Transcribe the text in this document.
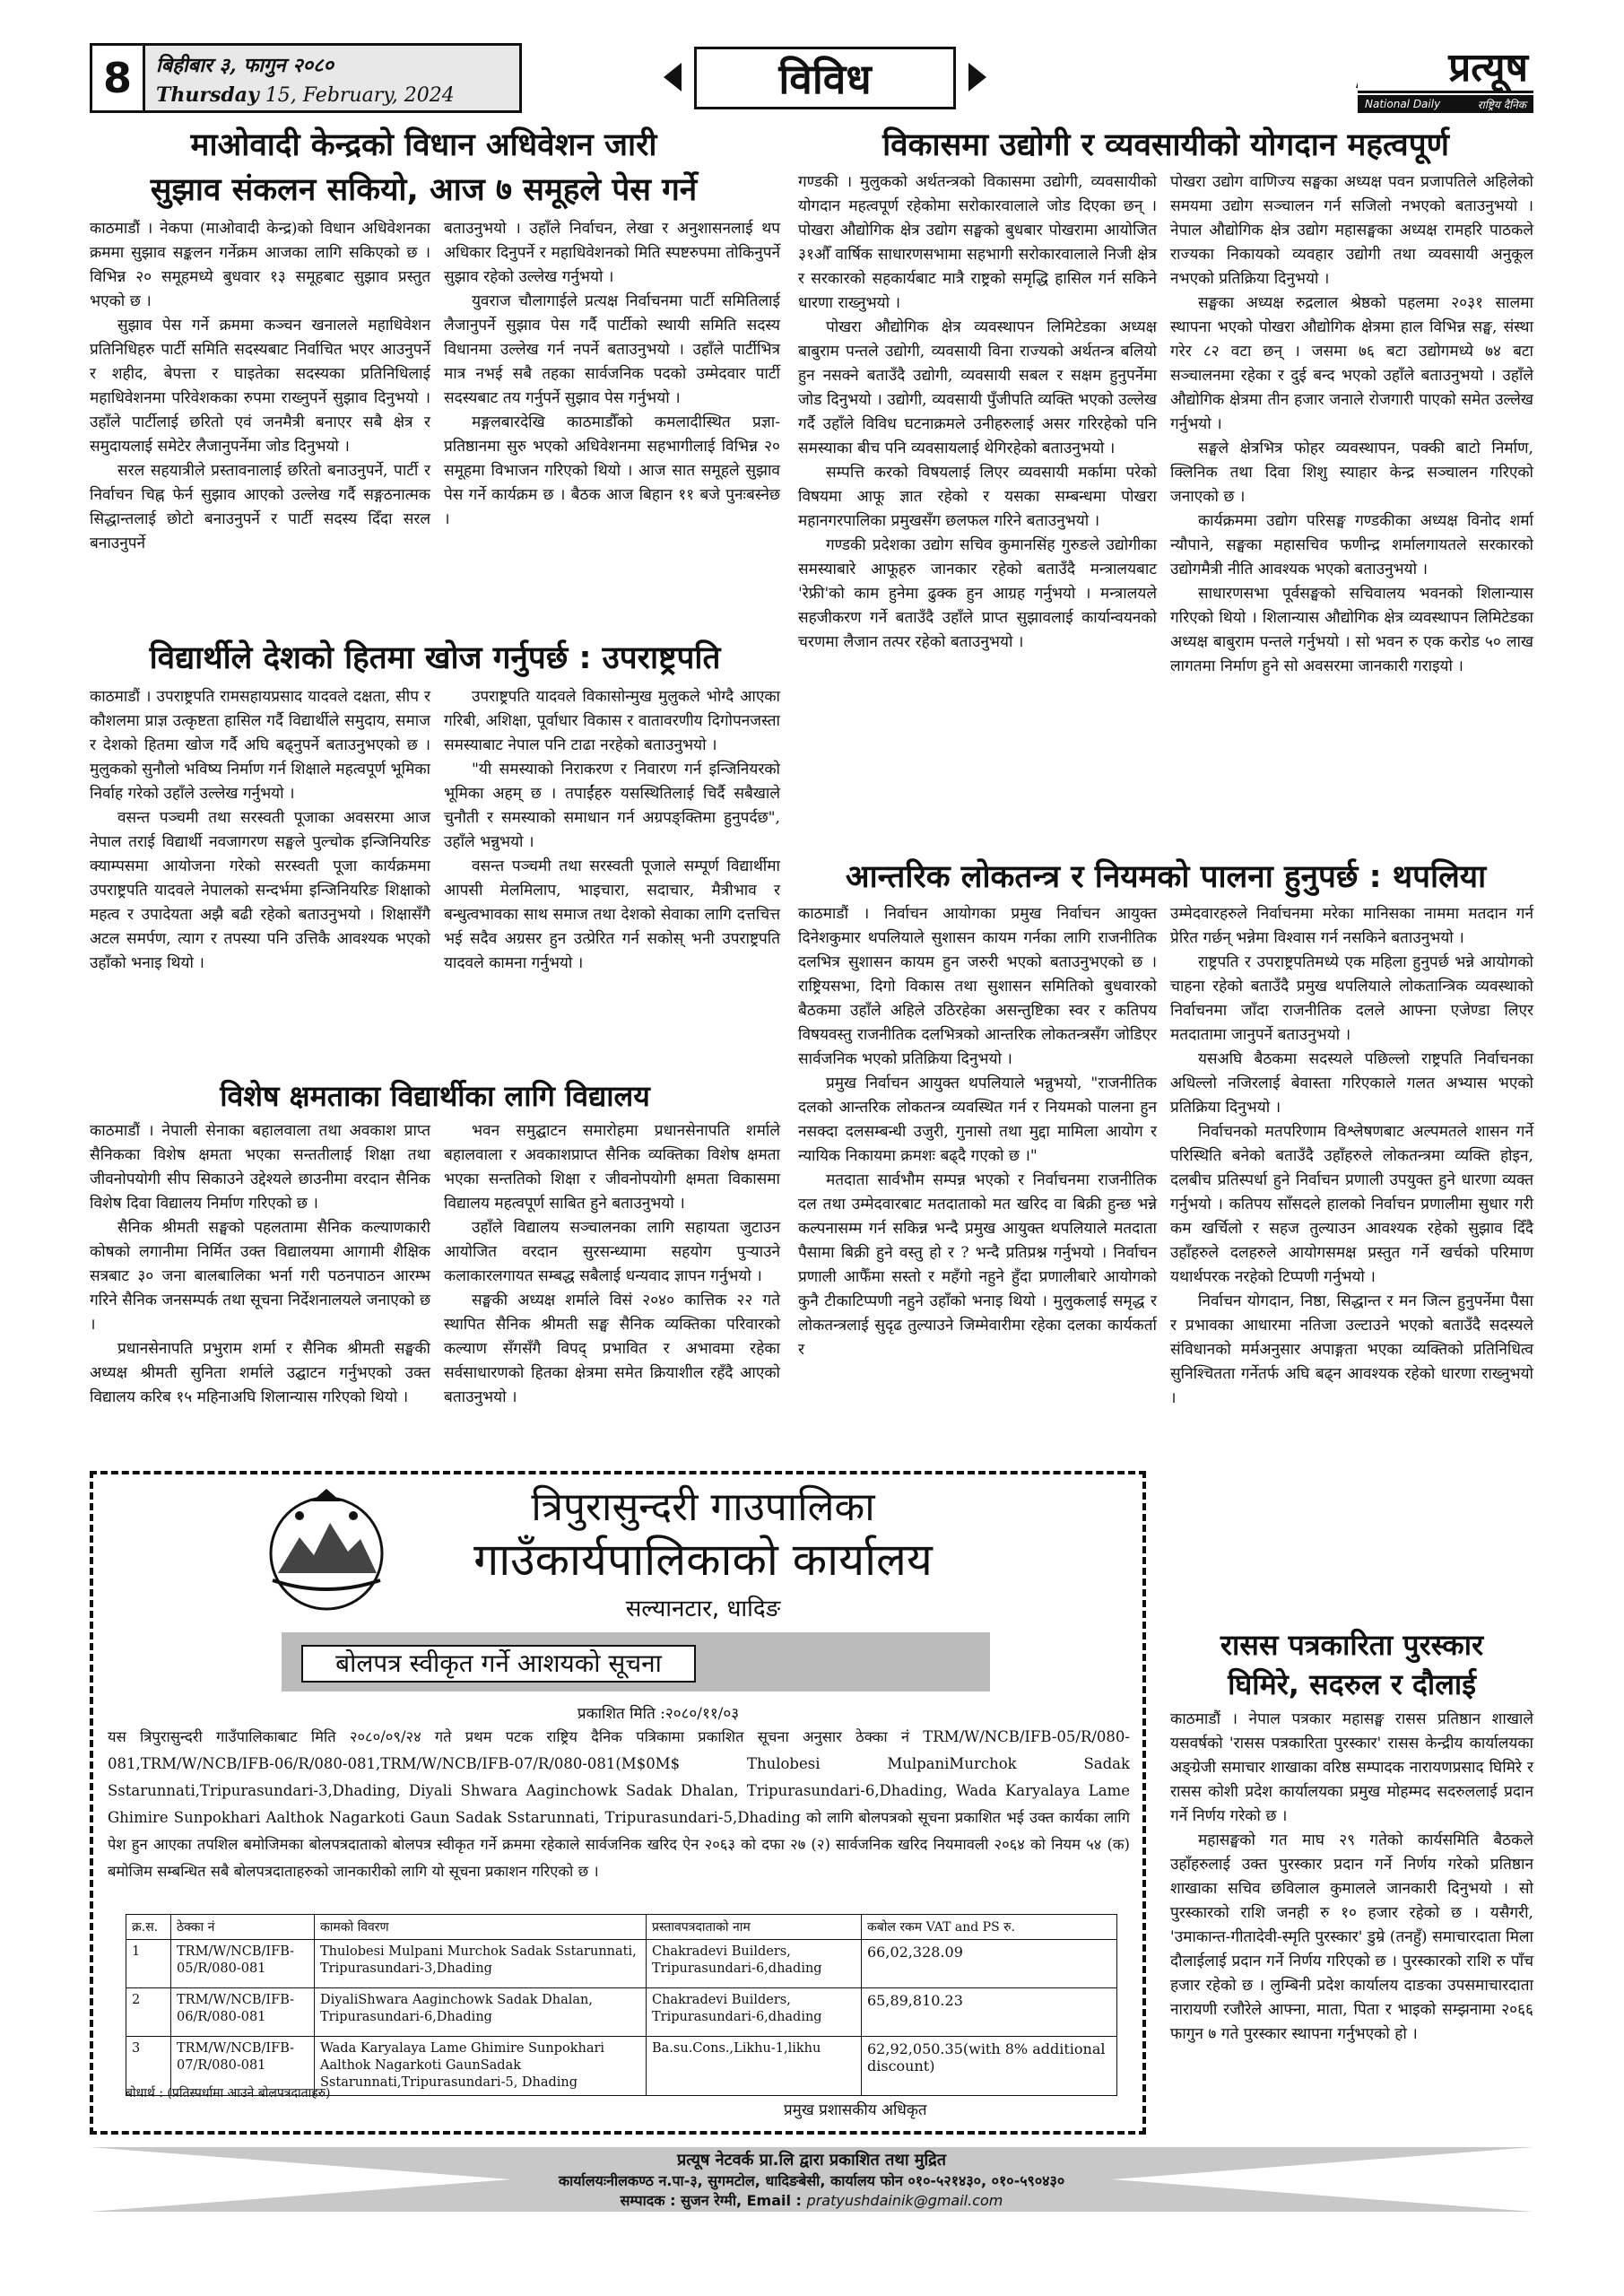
8	बिहीबार ३, फागुन २०८०
Thursday 15, February, 2024	विविध	प्रत्यूष
National Daily	राष्ट्रिय दैनिक
माओवादी केन्द्रको विधान अधिवेशन जारी
सुझाव संकलन सकियो, आज ७ समूहले पेस गर्ने

काठमाडौं । नेकपा (माओवादी केन्द्र)को विधान अधिवेशनका क्रममा सुझाव सङ्कलन गर्नेक्रम आजका लागि सकिएको छ । विभिन्न २० समूहमध्ये बुधवार १३ समूहबाट सुझाव प्रस्तुत भएको छ ।

सुझाव पेस गर्ने क्रममा कञ्चन खनालले महाधिवेशन प्रतिनिधिहरु पार्टी समिति सदस्यबाट निर्वाचित भएर आउनुपर्ने र शहीद, बेपत्ता र घाइतेका सदस्यका प्रतिनिधिलाई महाधिवेशनमा परिवेशकका रुपमा राख्नुपर्ने सुझाव दिनुभयो । उहाँले पार्टीलाई छरितो एवं जनमैत्री बनाएर सबै क्षेत्र र समुदायलाई समेटेर लैजानुपर्नेमा जोड दिनुभयो ।

सरल सहयात्रीले प्रस्तावनालाई छरितो बनाउनुपर्ने, पार्टी र निर्वाचन चिह्न फेर्न सुझाव आएको उल्लेख गर्दै सङ्गठनात्मक सिद्धान्तलाई छोटो बनाउनुपर्ने र पार्टी सदस्य दिँदा सरल बनाउनुपर्ने

बताउनुभयो । उहाँले निर्वाचन, लेखा र अनुशासनलाई थप अधिकार दिनुपर्ने र महाधिवेशनको मिति स्पष्टरुपमा तोकिनुपर्ने सुझाव रहेको उल्लेख गर्नुभयो ।

युवराज चौलागाईले प्रत्यक्ष निर्वाचनमा पार्टी समितिलाई लैजानुपर्ने सुझाव पेस गर्दै पार्टीको स्थायी समिति सदस्य विधानमा उल्लेख गर्न नपर्ने बताउनुभयो । उहाँले पार्टीभित्र मात्र नभई सबै तहका सार्वजनिक पदको उम्मेदवार पार्टी सदस्यबाट तय गर्नुपर्ने सुझाव पेस गर्नुभयो ।

मङ्गलबारदेखि काठमाडौँको कमलादीस्थित प्रज्ञा-प्रतिष्ठानमा सुरु भएको अधिवेशनमा सहभागीलाई विभिन्न २० समूहमा विभाजन गरिएको थियो । आज सात समूहले सुझाव पेस गर्ने कार्यक्रम छ । बैठक आज बिहान ११ बजे पुनःबस्नेछ ।

विद्यार्थीले देशको हितमा खोज गर्नुपर्छ : उपराष्ट्रपति

काठमाडौं । उपराष्ट्रपति रामसहायप्रसाद यादवले दक्षता, सीप र कौशलमा प्राज्ञ उत्कृष्टता हासिल गर्दै विद्यार्थीले समुदाय, समाज र देशको हितमा खोज गर्दै अघि बढ्नुपर्ने बताउनुभएको छ । मुलुकको सुनौलो भविष्य निर्माण गर्न शिक्षाले महत्वपूर्ण भूमिका निर्वाह गरेको उहाँले उल्लेख गर्नुभयो ।

वसन्त पञ्चमी तथा सरस्वती पूजाका अवसरमा आज नेपाल तराई विद्यार्थी नवजागरण सङ्घले पुल्चोक इन्जिनियरिङ क्याम्पसमा आयोजना गरेको सरस्वती पूजा कार्यक्रममा उपराष्ट्रपति यादवले नेपालको सन्दर्भमा इन्जिनियरिङ शिक्षाको महत्व र उपादेयता अझै बढी रहेको बताउनुभयो । शिक्षासँगै अटल समर्पण, त्याग र तपस्या पनि उत्तिकै आवश्यक भएको उहाँको भनाइ थियो ।

उपराष्ट्रपति यादवले विकासोन्मुख मुलुकले भोग्दै आएका गरिबी, अशिक्षा, पूर्वाधार विकास र वातावरणीय दिगोपनजस्ता समस्याबाट नेपाल पनि टाढा नरहेको बताउनुभयो ।

"यी समस्याको निराकरण र निवारण गर्न इन्जिनियरको भूमिका अहम् छ । तपाईंहरु यसस्थितिलाई चिर्दै सबैखाले चुनौती र समस्याको समाधान गर्न अग्रपङ्क्तिमा हुनुपर्दछ", उहाँले भन्नुभयो ।

वसन्त पञ्चमी तथा सरस्वती पूजाले सम्पूर्ण विद्यार्थीमा आपसी मेलमिलाप, भाइचारा, सदाचार, मैत्रीभाव र बन्धुत्वभावका साथ समाज तथा देशको सेवाका लागि दत्तचित्त भई सदैव अग्रसर हुन उत्प्रेरित गर्न सकोस् भनी उपराष्ट्रपति यादवले कामना गर्नुभयो ।

विशेष क्षमताका विद्यार्थीका लागि विद्यालय

काठमाडौं । नेपाली सेनाका बहालवाला तथा अवकाश प्राप्त सैनिकका विशेष क्षमता भएका सन्ततीलाई शिक्षा तथा जीवनोपयोगी सीप सिकाउने उद्देश्यले छाउनीमा वरदान सैनिक विशेष दिवा विद्यालय निर्माण गरिएको छ ।

सैनिक श्रीमती सङ्घको पहलतामा सैनिक कल्याणकारी कोषको लगानीमा निर्मित उक्त विद्यालयमा आगामी शैक्षिक सत्रबाट ३० जना बालबालिका भर्ना गरी पठनपाठन आरम्भ गरिने सैनिक जनसम्पर्क तथा सूचना निर्देशनालयले जनाएको छ ।

प्रधानसेनापति प्रभुराम शर्मा र सैनिक श्रीमती सङ्घकी अध्यक्ष श्रीमती सुनिता शर्माले उद्घाटन गर्नुभएको उक्त विद्यालय करिब १५ महिनाअघि शिलान्यास गरिएको थियो ।

भवन समुद्घाटन समारोहमा प्रधानसेनापति शर्माले बहालवाला र अवकाशप्राप्त सैनिक व्यक्तिका विशेष क्षमता भएका सन्ततिको शिक्षा र जीवनोपयोगी क्षमता विकासमा विद्यालय महत्वपूर्ण साबित हुने बताउनुभयो ।

उहाँले विद्यालय सञ्चालनका लागि सहायता जुटाउन आयोजित वरदान सुरसन्ध्यामा सहयोग पुऱ्याउने कलाकारलगायत सम्बद्ध सबैलाई धन्यवाद ज्ञापन गर्नुभयो ।

सङ्घकी अध्यक्ष शर्माले विसं २०४० कात्तिक २२ गते स्थापित सैनिक श्रीमती सङ्घ सैनिक व्यक्तिका परिवारको कल्याण सँगसँगै विपद् प्रभावित र अभावमा रहेका सर्वसाधारणको हितका क्षेत्रमा समेत क्रियाशील रहँदै आएको बताउनुभयो ।

विकासमा उद्योगी र व्यवसायीको योगदान महत्वपूर्ण

गण्डकी । मुलुकको अर्थतन्त्रको विकासमा उद्योगी, व्यवसायीको योगदान महत्वपूर्ण रहेकोमा सरोकारवालाले जोड दिएका छन् । पोखरा औद्योगिक क्षेत्र उद्योग सङ्घको बुधबार पोखरामा आयोजित ३१औँ वार्षिक साधारणसभामा सहभागी सरोकारवालाले निजी क्षेत्र र सरकारको सहकार्यबाट मात्रै राष्ट्रको समृद्धि हासिल गर्न सकिने धारणा राख्नुभयो ।

पोखरा औद्योगिक क्षेत्र व्यवस्थापन लिमिटेडका अध्यक्ष बाबुराम पन्तले उद्योगी, व्यवसायी विना राज्यको अर्थतन्त्र बलियो हुन नसक्ने बताउँदै उद्योगी, व्यवसायी सबल र सक्षम हुनुपर्नेमा जोड दिनुभयो । उद्योगी, व्यवसायी पुँजीपति व्यक्ति भएको उल्लेख गर्दै उहाँले विविध घटनाक्रमले उनीहरुलाई असर गरिरहेको पनि समस्याका बीच पनि व्यवसायलाई थेगिरहेको बताउनुभयो ।

सम्पत्ति करको विषयलाई लिएर व्यवसायी मर्कामा परेको विषयमा आफू ज्ञात रहेको र यसका सम्बन्धमा पोखरा महानगरपालिका प्रमुखसँग छलफल गरिने बताउनुभयो ।

गण्डकी प्रदेशका उद्योग सचिव कुमानसिंह गुरुङले उद्योगीका समस्याबारे आफूहरु जानकार रहेको बताउँदै मन्त्रालयबाट 'रेफ्री'को काम हुनेमा ढुक्क हुन आग्रह गर्नुभयो । मन्त्रालयले सहजीकरण गर्ने बताउँदै उहाँले प्राप्त सुझावलाई कार्यान्वयनको चरणमा लैजान तत्पर रहेको बताउनुभयो ।

पोखरा उद्योग वाणिज्य सङ्घका अध्यक्ष पवन प्रजापतिले अहिलेको समयमा उद्योग सञ्चालन गर्न सजिलो नभएको बताउनुभयो । नेपाल औद्योगिक क्षेत्र उद्योग महासङ्घका अध्यक्ष रामहरि पाठकले राज्यका निकायको व्यवहार उद्योगी तथा व्यवसायी अनुकूल नभएको प्रतिक्रिया दिनुभयो ।

सङ्घका अध्यक्ष रुद्रलाल श्रेष्ठको पहलमा २०३१ सालमा स्थापना भएको पोखरा औद्योगिक क्षेत्रमा हाल विभिन्न सङ्घ, संस्था गरेर ८२ वटा छन् । जसमा ७६ बटा उद्योगमध्ये ७४ बटा सञ्चालनमा रहेका र दुई बन्द भएको उहाँले बताउनुभयो । उहाँले औद्योगिक क्षेत्रमा तीन हजार जनाले रोजगारी पाएको समेत उल्लेख गर्नुभयो ।

सङ्घले क्षेत्रभित्र फोहर व्यवस्थापन, पक्की बाटो निर्माण, क्लिनिक तथा दिवा शिशु स्याहार केन्द्र सञ्चालन गरिएको जनाएको छ ।

कार्यक्रममा उद्योग परिसङ्घ गण्डकीका अध्यक्ष विनोद शर्मा न्यौपाने, सङ्घका महासचिव फणीन्द्र शर्मालगायतले सरकारको उद्योगमैत्री नीति आवश्यक भएको बताउनुभयो ।

साधारणसभा पूर्वसङ्घको सचिवालय भवनको शिलान्यास गरिएको थियो । शिलान्यास औद्योगिक क्षेत्र व्यवस्थापन लिमिटेडका अध्यक्ष बाबुराम पन्तले गर्नुभयो । सो भवन रु एक करोड ५० लाख लागतमा निर्माण हुने सो अवसरमा जानकारी गराइयो ।

आन्तरिक लोकतन्त्र र नियमको पालना हुनुपर्छ : थपलिया

काठमाडौं । निर्वाचन आयोगका प्रमुख निर्वाचन आयुक्त दिनेशकुमार थपलियाले सुशासन कायम गर्नका लागि राजनीतिक दलभित्र सुशासन कायम हुन जरुरी भएको बताउनुभएको छ । राष्ट्रियसभा, दिगो विकास तथा सुशासन समितिको बुधवारको बैठकमा उहाँले अहिले उठिरहेका असन्तुष्टिका स्वर र कतिपय विषयवस्तु राजनीतिक दलभित्रको आन्तरिक लोकतन्त्रसँग जोडिएर सार्वजनिक भएको प्रतिक्रिया दिनुभयो ।

प्रमुख निर्वाचन आयुक्त थपलियाले भन्नुभयो, "राजनीतिक दलको आन्तरिक लोकतन्त्र व्यवस्थित गर्न र नियमको पालना हुन नसक्दा दलसम्बन्धी उजुरी, गुनासो तथा मुद्दा मामिला आयोग र न्यायिक निकायमा क्रमशः बढ्दै गएको छ ।"

मतदाता सार्वभौम सम्पन्न भएको र निर्वाचनमा राजनीतिक दल तथा उम्मेदवारबाट मतदाताको मत खरिद वा बिक्री हुन्छ भन्ने कल्पनासम्म गर्न सकिन्न भन्दै प्रमुख आयुक्त थपलियाले मतदाता पैसामा बिक्री हुने वस्तु हो र ? भन्दै प्रतिप्रश्न गर्नुभयो । निर्वाचन प्रणाली आफैँमा सस्तो र महँगो नहुने हुँदा प्रणालीबारे आयोगको कुनै टीकाटिप्पणी नहुने उहाँको भनाइ थियो । मुलुकलाई समृद्ध र लोकतन्त्रलाई सुदृढ तुल्याउने जिम्मेवारीमा रहेका दलका कार्यकर्ता र

उम्मेदवारहरुले निर्वाचनमा मरेका मानिसका नाममा मतदान गर्न प्रेरित गर्छन् भन्नेमा विश्वास गर्न नसकिने बताउनुभयो ।

राष्ट्रपति र उपराष्ट्रपतिमध्ये एक महिला हुनुपर्छ भन्ने आयोगको चाहना रहेको बताउँदै प्रमुख थपलियाले लोकतान्त्रिक व्यवस्थाको निर्वाचनमा जाँदा राजनीतिक दलले आफ्ना एजेण्डा लिएर मतदातामा जानुपर्ने बताउनुभयो ।

यसअघि बैठकमा सदस्यले पछिल्लो राष्ट्रपति निर्वाचनका अधिल्लो नजिरलाई बेवास्ता गरिएकाले गलत अभ्यास भएको प्रतिक्रिया दिनुभयो ।

निर्वाचनको मतपरिणाम विश्लेषणबाट अल्पमतले शासन गर्ने परिस्थिति बनेको बताउँदै उहाँहरुले लोकतन्त्रमा व्यक्ति होइन, दलबीच प्रतिस्पर्धा हुने निर्वाचन प्रणाली उपयुक्त हुने धारणा व्यक्त गर्नुभयो । कतिपय साँसदले हालको निर्वाचन प्रणालीमा सुधार गरी कम खर्चिलो र सहज तुल्याउन आवश्यक रहेको सुझाव दिँदै उहाँहरुले दलहरुले आयोगसमक्ष प्रस्तुत गर्ने खर्चको परिमाण यथार्थपरक नरहेको टिप्पणी गर्नुभयो ।

निर्वाचन योगदान, निष्ठा, सिद्धान्त र मन जित्न हुनुपर्नेमा पैसा र प्रभावका आधारमा नतिजा उल्टाउने भएको बताउँदै सदस्यले संविधानको मर्मअनुसार अपाङ्गता भएका व्यक्तिको प्रतिनिधित्व सुनिश्चितता गर्नेतर्फ अघि बढ्न आवश्यक रहेको धारणा राख्नुभयो ।

रासस पत्रकारिता पुरस्कार
घिमिरे, सदरुल र दौलाई

काठमाडौं । नेपाल पत्रकार महासङ्घ रासस प्रतिष्ठान शाखाले यसवर्षको 'रासस पत्रकारिता पुरस्कार' रासस केन्द्रीय कार्यालयका अङ्ग्रेजी समाचार शाखाका वरिष्ठ सम्पादक नारायणप्रसाद घिमिरे र रासस कोशी प्रदेश कार्यालयका प्रमुख मोहम्मद सदरुललाई प्रदान गर्ने निर्णय गरेको छ ।

महासङ्घको गत माघ २९ गतेको कार्यसमिति बैठकले उहाँहरुलाई उक्त पुरस्कार प्रदान गर्ने निर्णय गरेको प्रतिष्ठान शाखाका सचिव छविलाल कुमालले जानकारी दिनुभयो । सो पुरस्कारको राशि जनही रु १० हजार रहेको छ । यसैगरी, 'उमाकान्त-गीतादेवी-स्मृति पुरस्कार' डुम्रे (तनहुँ) समाचारदाता मिला दौलाईलाई प्रदान गर्ने निर्णय गरिएको छ । पुरस्कारको राशि रु पाँच हजार रहेको छ । लुम्बिनी प्रदेश कार्यालय दाङका उपसमाचारदाता नारायणी रजौरेले आफ्ना, माता, पिता र भाइको सम्झनामा २०६६ फागुन ७ गते पुरस्कार स्थापना गर्नुभएको हो ।

त्रिपुरासुन्दरी गाउपालिका
गाउँकार्यपालिकाको कार्यालय
सल्यानटार, धादिङ
बोलपत्र स्वीकृत गर्ने आशयको सूचना
प्रकाशित मिति :२०८०/११/०३
यस त्रिपुरासुन्दरी गाउँपालिकाबाट मिति २०८०/०९/२४ गते प्रथम पटक राष्ट्रिय दैनिक पत्रिकामा प्रकाशित सूचना अनुसार ठेक्का नं TRM/W/NCB/IFB-05/R/080-081,TRM/W/NCB/IFB-06/R/080-081,TRM/W/NCB/IFB-07/R/080-081(M$0M$ Thulobesi MulpaniMurchok Sadak Sstarunnati,Tripurasundari-3,Dhading, Diyali Shwara Aaginchowk Sadak Dhalan, Tripurasundari-6,Dhading, Wada Karyalaya Lame Ghimire Sunpokhari Aalthok Nagarkoti Gaun Sadak Sstarunnati, Tripurasundari-5,Dhading को लागि बोलपत्रको सूचना प्रकाशित भई उक्त कार्यका लागि पेश हुन आएका तपशिल बमोजिमका बोलपत्रदाताको बोलपत्र स्वीकृत गर्ने क्रममा रहेकाले सार्वजनिक खरिद ऐन २०६३ को दफा २७ (२) सार्वजनिक खरिद नियमावली २०६४ को नियम ५४ (क) बमोजिम सम्बन्धित सबै बोलपत्रदाताहरुको जानकारीको लागि यो सूचना प्रकाशन गरिएको छ ।
क्र.स.	ठेक्का नं	कामको विवरण	प्रस्तावपत्रदाताको नाम	कबोल रकम VAT and PS रु.
1	TRM/W/NCB/IFB-05/R/080-081	Thulobesi Mulpani Murchok Sadak Sstarunnati, Tripurasundari-3,Dhading	Chakradevi Builders, Tripurasundari-6,dhading	66,02,328.09
2	TRM/W/NCB/IFB-06/R/080-081	DiyaliShwara Aaginchowk Sadak Dhalan, Tripurasundari-6,Dhading	Chakradevi Builders, Tripurasundari-6,dhading	65,89,810.23
3	TRM/W/NCB/IFB-07/R/080-081	Wada Karyalaya Lame Ghimire Sunpokhari Aalthok Nagarkoti GaunSadak Sstarunnati,Tripurasundari-5, Dhading	Ba.su.Cons.,Likhu-1,likhu	62,92,050.35(with 8% additional discount)
बोधार्थ : (प्रतिस्पर्धामा आउने बोलपत्रदाताहरु)
प्रमुख प्रशासकीय अधिकृत
प्रत्यूष नेटवर्क प्रा.लि द्वारा प्रकाशित तथा मुद्रित
कार्यालयःनीलकण्ठ न.पा-३, सुगमटोल, धादिङबेसी, कार्यालय फोन ०१०-५२१४३०, ०१०-५९०४३०
सम्पादक : सुजन रेग्मी, Email : pratyushdainik@gmail.com
